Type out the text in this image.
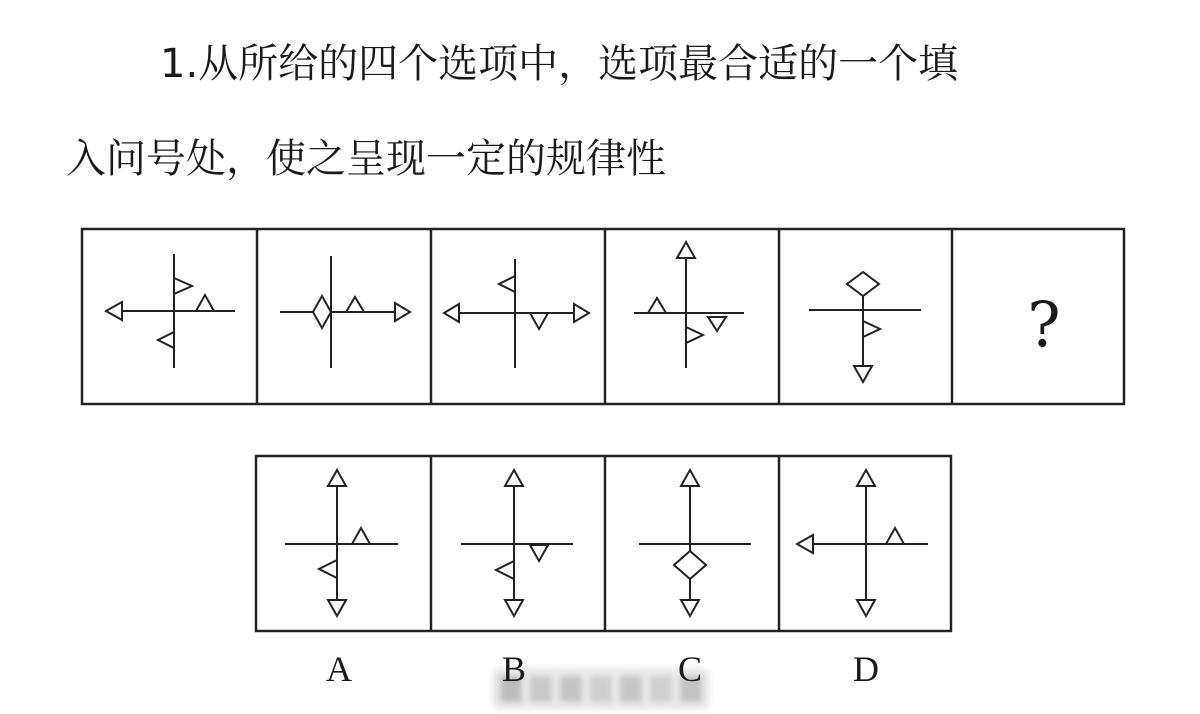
1.从所给的四个选项中，选项最合适的一个填
入问号处，使之呈现一定的规律性
?
A	B	C	D
